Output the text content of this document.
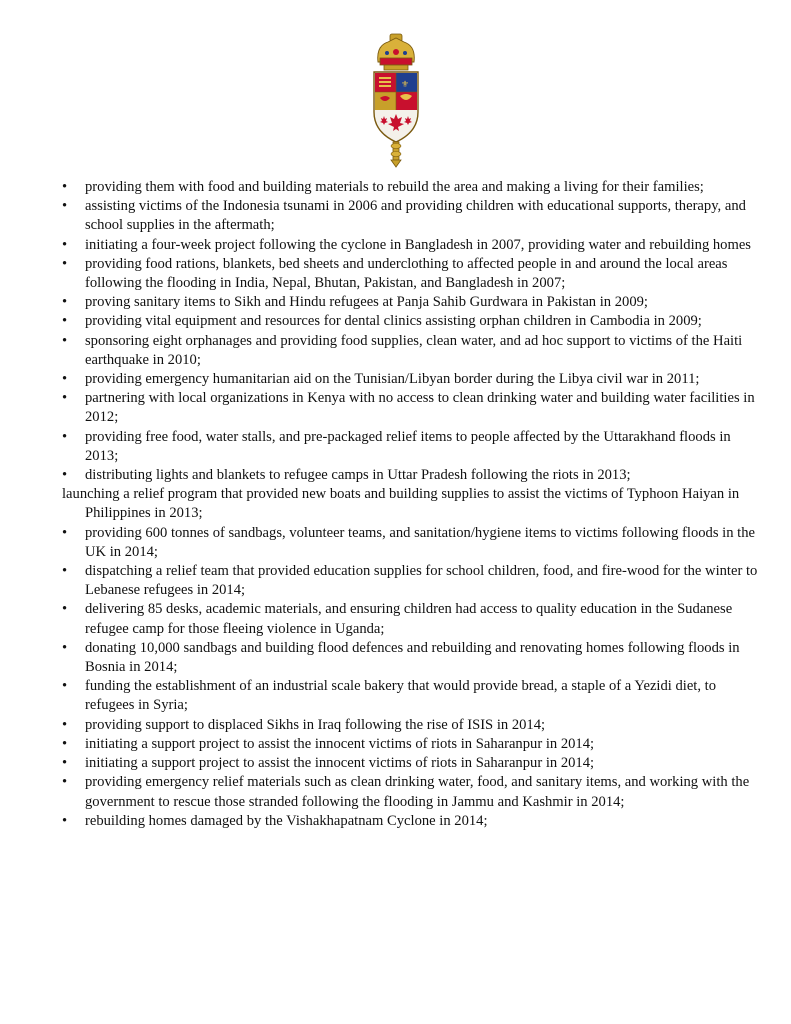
⚜
•	providing them with food and building materials to rebuild the area and making a living for their families;
•	assisting victims of the Indonesia tsunami in 2006 and providing children with educational supports, therapy, and school supplies in the aftermath;
•	initiating a four-week project following the cyclone in Bangladesh in 2007, providing water and rebuilding homes
•	providing food rations, blankets, bed sheets and underclothing to affected people in and around the local areas following the flooding in India, Nepal, Bhutan, Pakistan, and Bangladesh in 2007;
•	proving sanitary items to Sikh and Hindu refugees at Panja Sahib Gurdwara in Pakistan in 2009;
•	providing vital equipment and resources for dental clinics assisting orphan children in Cambodia in 2009;
•	sponsoring eight orphanages and providing food supplies, clean water, and ad hoc support to victims of the Haiti earthquake in 2010;
•	providing emergency humanitarian aid on the Tunisian/Libyan border during the Libya civil war in 2011;
•	partnering with local organizations in Kenya with no access to clean drinking water and building water facilities in 2012;
•	providing free food, water stalls, and pre-packaged relief items to people affected by the Uttarakhand floods in 2013;
•	distributing lights and blankets to refugee camps in Uttar Pradesh following the riots in 2013;
launching a relief program that provided new boats and building supplies to assist the victims of Typhoon Haiyan in Philippines in 2013;
•	providing 600 tonnes of sandbags, volunteer teams, and sanitation/hygiene items to victims following floods in the UK in 2014;
•	dispatching a relief team that provided education supplies for school children, food, and fire-wood for the winter to Lebanese refugees in 2014;
•	delivering 85 desks, academic materials, and ensuring children had access to quality education in the Sudanese refugee camp for those fleeing violence in Uganda;
•	donating 10,000 sandbags and building flood defences and rebuilding and renovating homes following floods in Bosnia in 2014;
•	funding the establishment of an industrial scale bakery that would provide bread, a staple of a Yezidi diet, to refugees in Syria;
•	providing support to displaced Sikhs in Iraq following the rise of ISIS in 2014;
•	initiating a support project to assist the innocent victims of riots in Saharanpur in 2014;
•	initiating a support project to assist the innocent victims of riots in Saharanpur in 2014;
•	providing emergency relief materials such as clean drinking water, food, and sanitary items, and working with the government to rescue those stranded following the flooding in Jammu and Kashmir in 2014;
•	rebuilding homes damaged by the Vishakhapatnam Cyclone in 2014;
